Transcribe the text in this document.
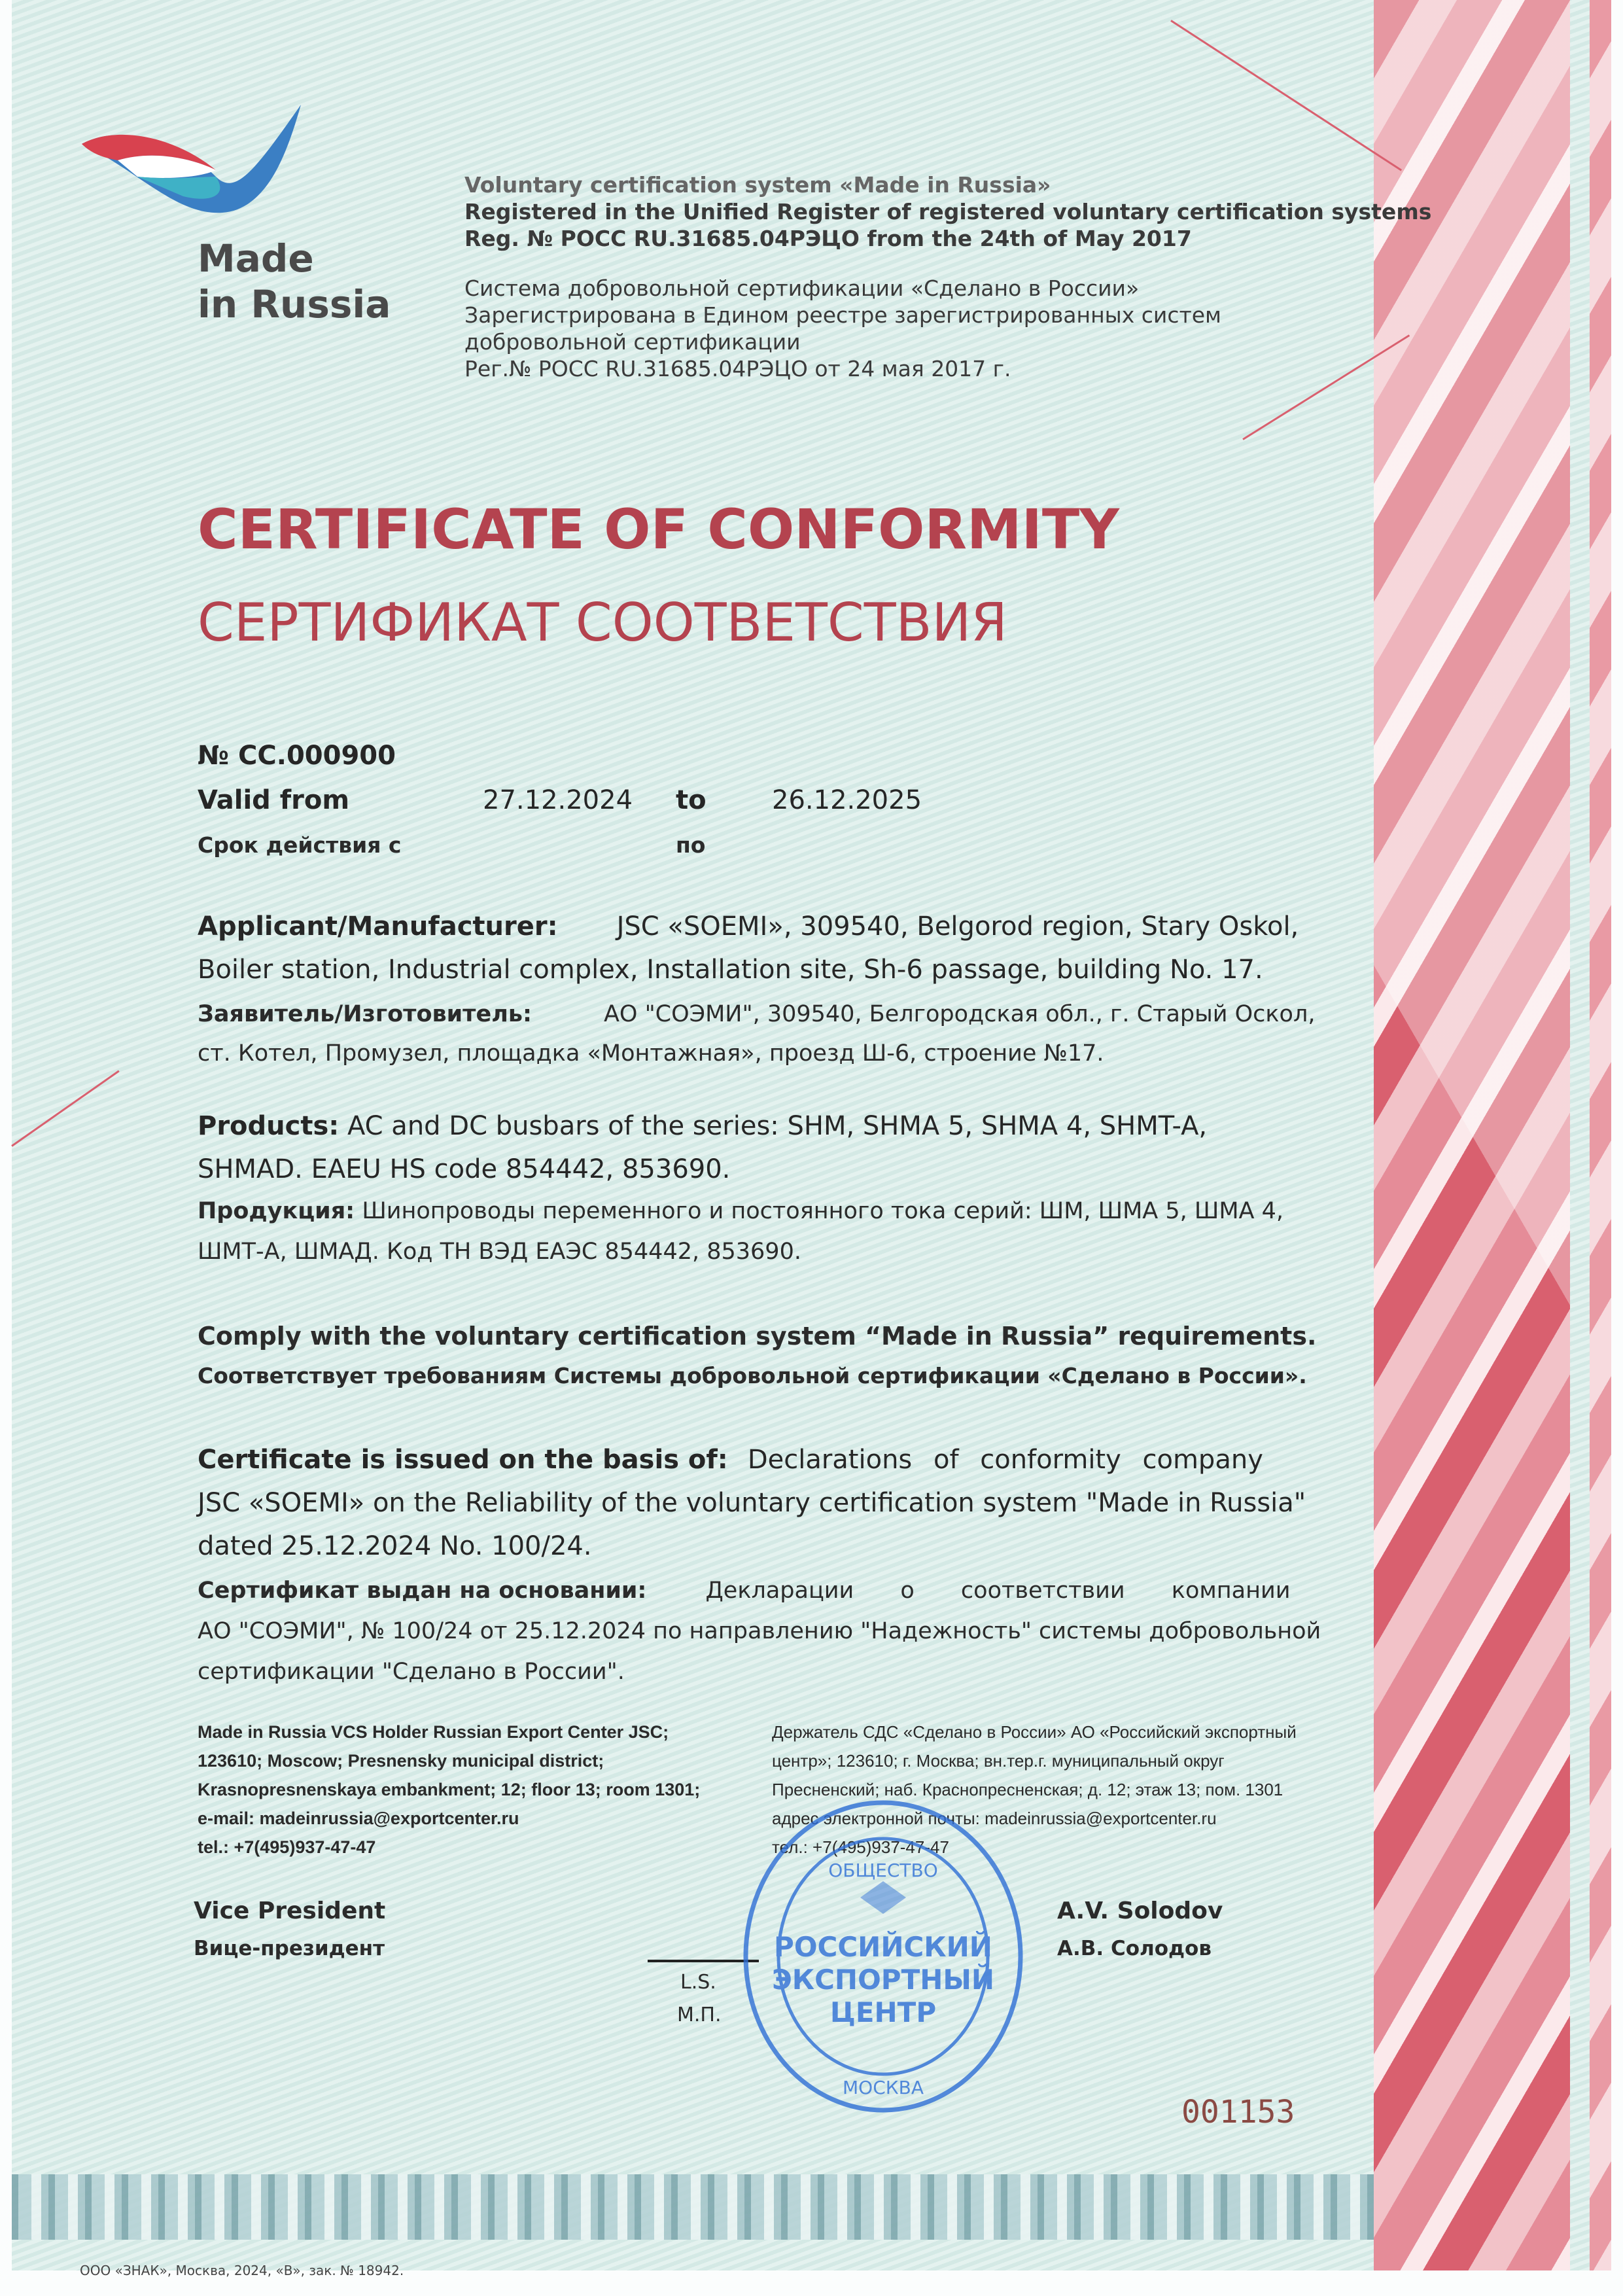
Made
in Russia
Voluntary certification system «Made in Russia»
Registered in the Unified Register of registered voluntary certification systems
Reg. № РОСС RU.31685.04РЭЦО from the 24th of May 2017
Система добровольной сертификации «Сделано в России»
Зарегистрирована в Едином реестре зарегистрированных систем
добровольной сертификации
Рег.№ РОСС RU.31685.04РЭЦО от 24 мая 2017 г.
CERTIFICATE OF CONFORMITY
СЕРТИФИКАТ СООТВЕТСТВИЯ
№ CC.000900
Valid from	27.12.2024 to	26.12.2025
Срок действия с	по
Applicant/Manufacturer: JSC «SOEMI», 309540, Belgorod region, Stary Oskol,
Boiler station, Industrial complex, Installation site, Sh-6 passage, building No. 17.
Заявитель/Изготовитель:	АО "СОЭМИ", 309540, Белгородская обл., г. Старый Оскол,
ст. Котел, Промузел, площадка «Монтажная», проезд Ш-6, строение №17.
Products: AC and DC busbars of the series: SHM, SHMA 5, SHMA 4, SHMT-A,
SHMAD. EAEU HS code 854442, 853690.
Продукция: Шинопроводы переменного и постоянного тока серий: ШМ, ШМА 5, ШМА 4,
ШМТ-А, ШМАД. Код ТН ВЭД ЕАЭС 854442, 853690.
Comply with the voluntary certification system “Made in Russia” requirements.
Соответствует требованиям Системы добровольной сертификации «Сделано в России».
Certificate is issued on the basis of: Declarations of conformity company
JSC «SOEMI» on the Reliability of the voluntary certification system "Made in Russia"
dated 25.12.2024 No. 100/24.
Сертификат выдан на основании:	Декларации о соответствии компании
АО "СОЭМИ", № 100/24 от 25.12.2024 по направлению "Надежность" системы добровольной
сертификации "Сделано в России".
Made in Russia VCS Holder Russian Export Center JSC;
123610; Moscow; Presnensky municipal district;
Krasnopresnenskaya embankment; 12; floor 13; room 1301;
e-mail: madeinrussia@exportcenter.ru
tel.: +7(495)937-47-47
Держатель СДС «Сделано в России» АО «Российский экспортный
центр»; 123610; г. Москва; вн.тер.г. муниципальный округ
Пресненский; наб. Краснопресненская; д. 12; этаж 13; пом. 1301
адрес электронной почты: madeinrussia@exportcenter.ru
тел.: +7(495)937-47-47
Vice President
Вице-президент
A.V. Solodov
А.В. Солодов
L.S.
М.П.
ОБЩЕСТВО
РОССИЙСКИЙ
ЭКСПОРТНЫЙ
ЦЕНТР
МОСКВА
001153
ООО «ЗНАК», Москва, 2024, «В», зак. № 18942.
